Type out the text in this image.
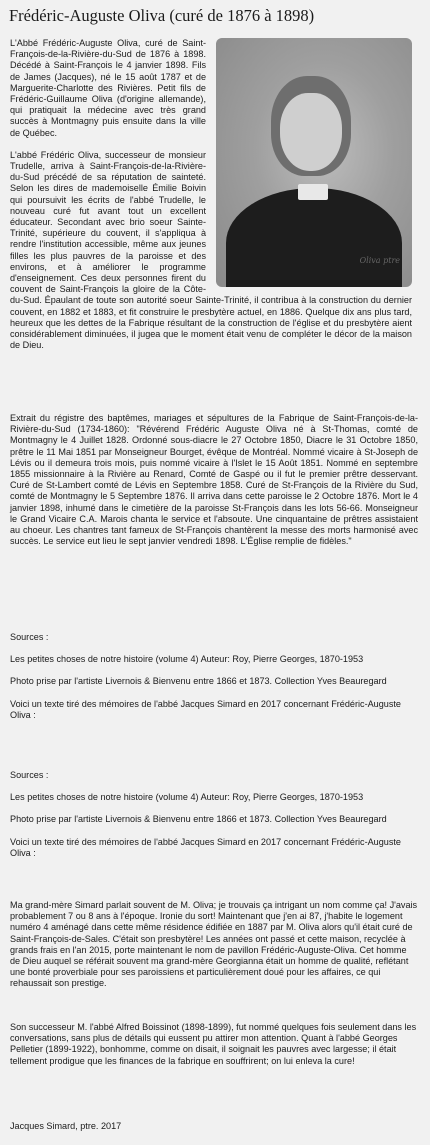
Frédéric-Auguste Oliva (curé de 1876 à 1898)
Oliva ptre

L'Abbé Frédéric-Auguste Oliva, curé de Saint-François-de-la-Rivière-du-Sud de 1876 à 1898. Décédé à Saint-François le 4 janvier 1898. Fils de James (Jacques), né le 15 août 1787 et de Marguerite-Charlotte des Rivières. Petit fils de Frédéric-Guillaume Oliva (d'origine allemande), qui pratiquait la médecine avec très grand succès à Montmagny puis ensuite dans la ville de Québec.

L'abbé Frédéric Oliva, successeur de monsieur Trudelle, arriva à Saint-François-de-la-Rivière-du-Sud précédé de sa réputation de sainteté. Selon les dires de mademoiselle Émilie Boivin qui poursuivit les écrits de l'abbé Trudelle, le nouveau curé fut avant tout un excellent éducateur. Secondant avec brio soeur Sainte-Trinité, supérieure du couvent, il s'appliqua à rendre l'institution accessible, même aux jeunes filles les plus pauvres de la paroisse et des environs, et à améliorer le programme d'enseignement. Ces deux personnes firent du couvent de Saint-François la gloire de la Côte-du-Sud. Épaulant de toute son autorité soeur Sainte-Trinité, il contribua à la construction du dernier couvent, en 1882 et 1883, et fit construire le presbytère actuel, en 1886. Quelque dix ans plus tard, heureux que les dettes de la Fabrique résultant de la construction de l'église et du presbytère aient considérablement diminuées, il jugea que le moment était venu de compléter le décor de la maison de Dieu.

Extrait du régistre des baptêmes, mariages et sépultures de la Fabrique de Saint-François-de-la-Rivière-du-Sud (1734-1860): "Révérend Frédéric Auguste Oliva né à St-Thomas, comté de Montmagny le 4 Juillet 1828. Ordonné sous-diacre le 27 Octobre 1850, Diacre le 31 Octobre 1850, prêtre le 11 Mai 1851 par Monseigneur Bourget, évêque de Montréal. Nommé vicaire à St-Joseph de Lévis ou il demeura trois mois, puis nommé vicaire à l'Islet le 15 Août 1851. Nommé en septembre 1855 missionnaire à la Rivière au Renard, Comté de Gaspé ou il fut le premier prêtre desservant. Curé de St-Lambert comté de Lévis en Septembre 1858. Curé de St-François de la Rivière du Sud, comté de Montmagny le 5 Septembre 1876. Il arriva dans cette paroisse le 2 Octobre 1876. Mort le 4 janvier 1898, inhumé dans le cimetière de la paroisse St-François dans les lots 56-66. Monseigneur le Grand Vicaire C.A. Marois chanta le service et l'absoute. Une cinquantaine de prêtres assistaient au choeur. Les chantres tant fameux de St-François chantèrent la messe des morts harmonisé avec succès. Le service eut lieu le sept janvier vendredi 1898. L'Église remplie de fidèles."

Sources :

Les petites choses de notre histoire (volume 4) Auteur: Roy, Pierre Georges, 1870-1953

Photo prise par l'artiste Livernois & Bienvenu entre 1866 et 1873. Collection Yves Beauregard

Voici un texte tiré des mémoires de l'abbé Jacques Simard en 2017 concernant Frédéric-Auguste Oliva :

Sources :

Les petites choses de notre histoire (volume 4) Auteur: Roy, Pierre Georges, 1870-1953

Photo prise par l'artiste Livernois & Bienvenu entre 1866 et 1873. Collection Yves Beauregard

Voici un texte tiré des mémoires de l'abbé Jacques Simard en 2017 concernant Frédéric-Auguste Oliva :

Ma grand-mère Simard parlait souvent de M. Oliva; je trouvais ça intrigant un nom comme ça! J'avais probablement 7 ou 8 ans à l'époque. Ironie du sort! Maintenant que j'en ai 87, j'habite le logement numéro 4 aménagé dans cette même résidence édifiée en 1887 par M. Oliva alors qu'il était curé de Saint-François-de-Sales. C'était son presbytère! Les années ont passé et cette maison, recyclée à grands frais en l'an 2015, porte maintenant le nom de pavillon Frédéric-Auguste-Oliva. Cet homme de Dieu auquel se référait souvent ma grand-mère Georgianna était un homme de qualité, reflétant une bonté proverbiale pour ses paroissiens et particulièrement doué pour les affaires, ce qui rehaussait son prestige.

Son successeur M. l'abbé Alfred Boissinot (1898-1899), fut nommé quelques fois seulement dans les conversations, sans plus de détails qui eussent pu attirer mon attention. Quant à l'abbé Georges Pelletier (1899-1922), bonhomme, comme on disait, il soignait les pauvres avec largesse; il était tellement prodigue que les finances de la fabrique en souffrirent; on lui enleva la cure!

Jacques Simard, ptre. 2017
